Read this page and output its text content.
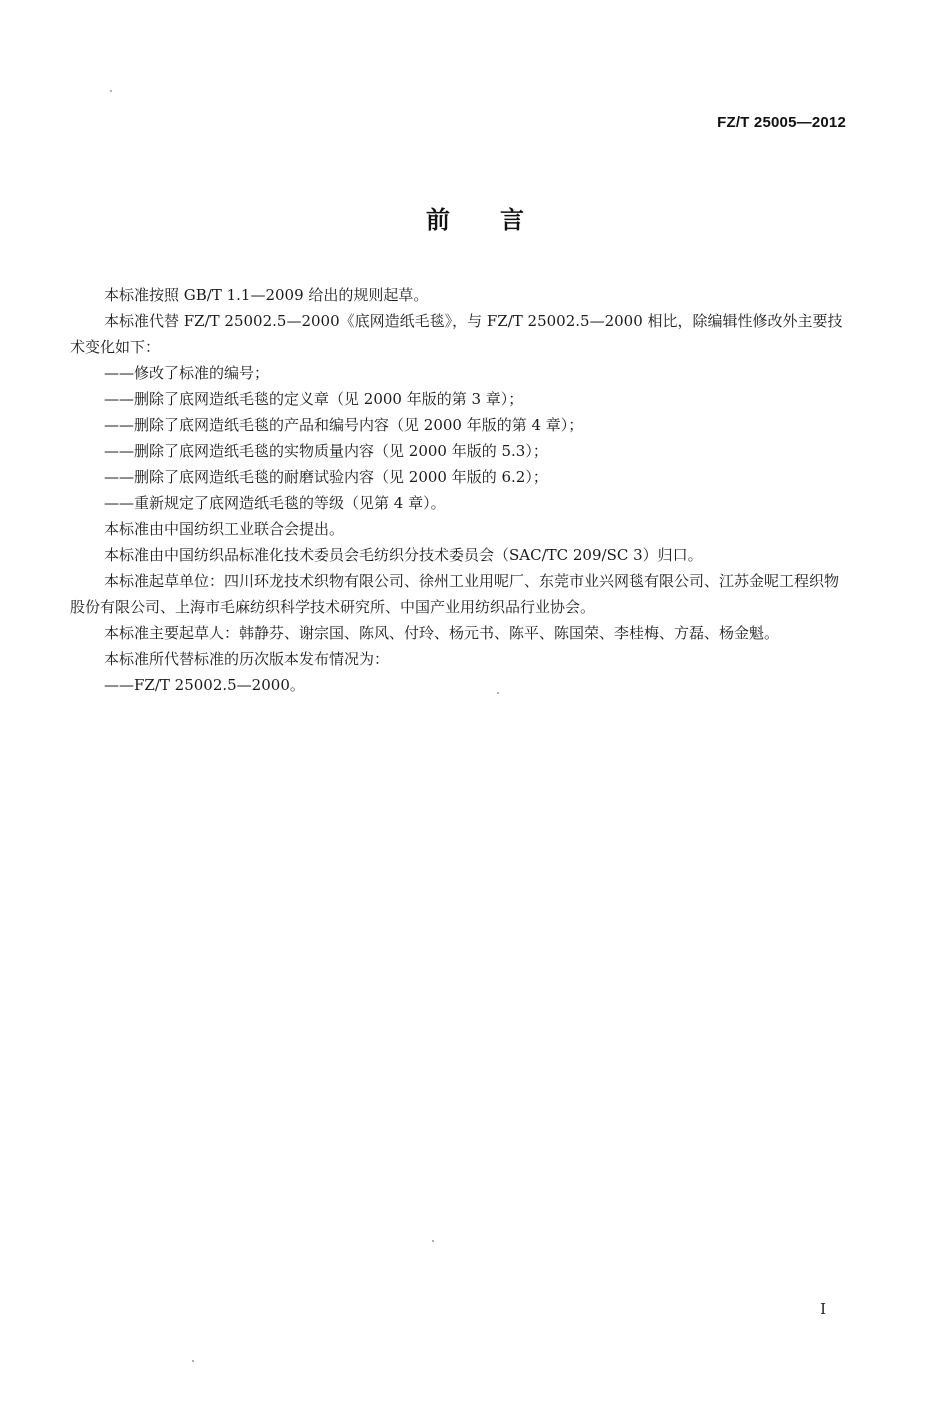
FZ/T 25005—2012
前 言

本标准按照 GB/T 1.1—2009 给出的规则起草。

本标准代替 FZ/T 25002.5—2000《底网造纸毛毯》，与 FZ/T 25002.5—2000 相比，除编辑性修改外主要技术变化如下：

——修改了标准的编号；

——删除了底网造纸毛毯的定义章（见 2000 年版的第 3 章）；

——删除了底网造纸毛毯的产品和编号内容（见 2000 年版的第 4 章）；

——删除了底网造纸毛毯的实物质量内容（见 2000 年版的 5.3）；

——删除了底网造纸毛毯的耐磨试验内容（见 2000 年版的 6.2）；

——重新规定了底网造纸毛毯的等级（见第 4 章）。

本标准由中国纺织工业联合会提出。

本标准由中国纺织品标准化技术委员会毛纺织分技术委员会（SAC/TC 209/SC 3）归口。

本标准起草单位：四川环龙技术织物有限公司、徐州工业用呢厂、东莞市业兴网毯有限公司、江苏金呢工程织物股份有限公司、上海市毛麻纺织科学技术研究所、中国产业用纺织品行业协会。

本标准主要起草人：韩静芬、谢宗国、陈风、付玲、杨元书、陈平、陈国荣、李桂梅、方磊、杨金魁。

本标准所代替标准的历次版本发布情况为：

——FZ/T 25002.5—2000。

I
